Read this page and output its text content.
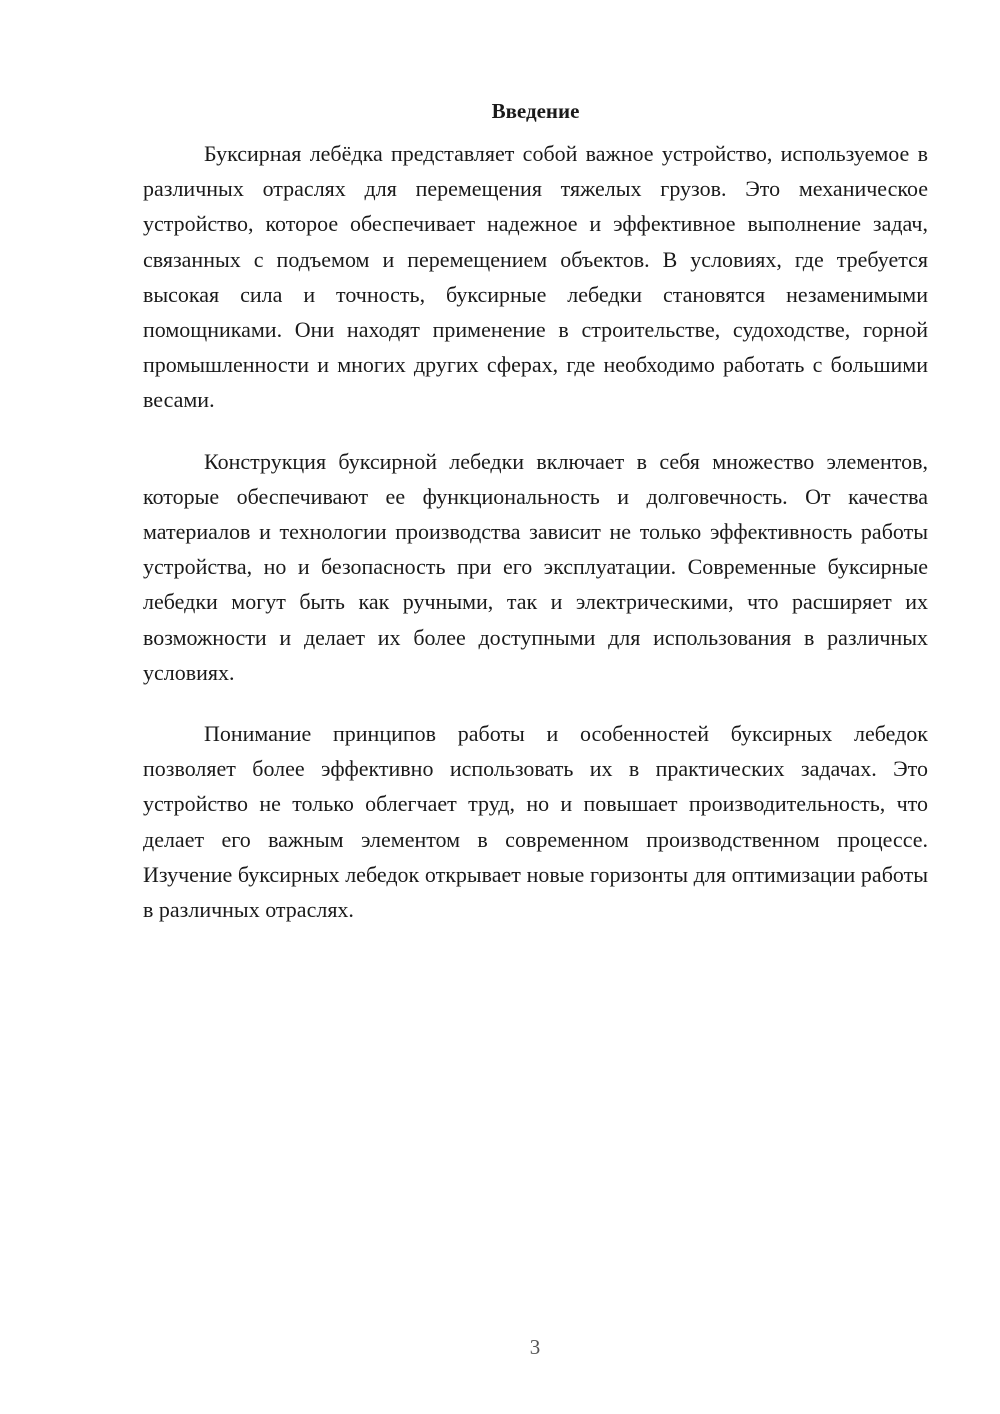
Введение

Буксирная лебёдка представляет собой важное устройство, используемое в различных отраслях для перемещения тяжелых грузов. Это механическое устройство, которое обеспечивает надежное и эффективное выполнение задач, связанных с подъемом и перемещением объектов. В условиях, где требуется высокая сила и точность, буксирные лебедки становятся незаменимыми помощниками. Они находят применение в строительстве, судоходстве, горной промышленности и многих других сферах, где необходимо работать с большими весами.

Конструкция буксирной лебедки включает в себя множество элементов, которые обеспечивают ее функциональность и долговечность. От качества материалов и технологии производства зависит не только эффективность работы устройства, но и безопасность при его эксплуатации. Современные буксирные лебедки могут быть как ручными, так и электрическими, что расширяет их возможности и делает их более доступными для использования в различных условиях.

Понимание принципов работы и особенностей буксирных лебедок позволяет более эффективно использовать их в практических задачах. Это устройство не только облегчает труд, но и повышает производительность, что делает его важным элементом в современном производственном процессе. Изучение буксирных лебедок открывает новые горизонты для оптимизации работы в различных отраслях.

3
